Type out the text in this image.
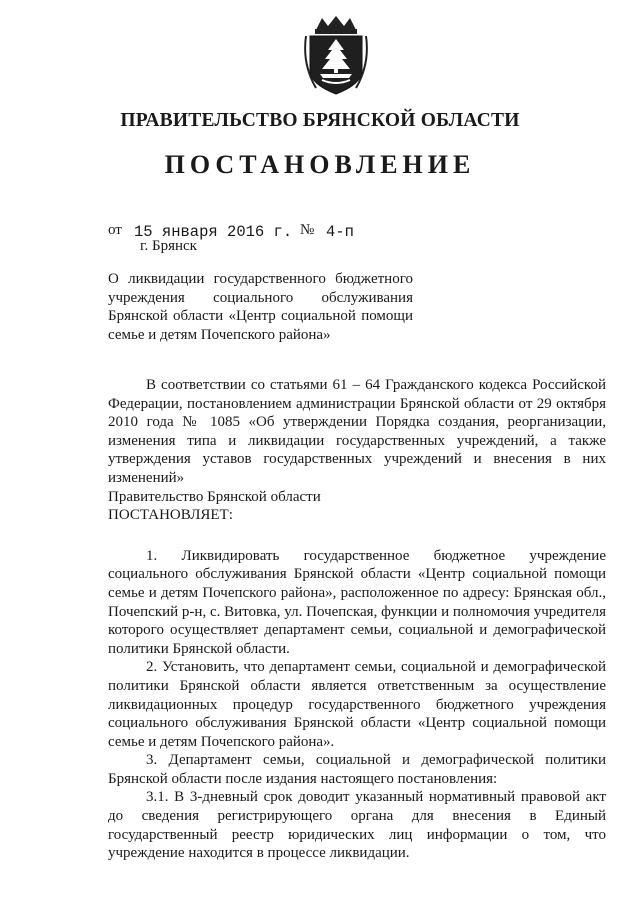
ПРАВИТЕЛЬСТВО БРЯНСКОЙ ОБЛАСТИ
ПОСТАНОВЛЕНИЕ
от 15 января 2016 г. № 4-п
г. Брянск
О ликвидации государственного бюджетного учреждения социального обслуживания Брянской области «Центр социальной помощи семье и детям Почепского района»

В соответствии со статьями 61 – 64 Гражданского кодекса Российской Федерации, постановлением администрации Брянской области от 29 октября 2010 года № 1085 «Об утверждении Порядка создания, реорганизации, изменения типа и ликвидации государственных учреждений, а также утверждения уставов государственных учреждений и внесения в них изменений»

Правительство Брянской области

ПОСТАНОВЛЯЕТ:

1. Ликвидировать государственное бюджетное учреждение социального обслуживания Брянской области «Центр социальной помощи семье и детям Почепского района», расположенное по адресу: Брянская обл., Почепский р-н, с. Витовка, ул. Почепская, функции и полномочия учредителя которого осуществляет департамент семьи, социальной и демографической политики Брянской области.

2. Установить, что департамент семьи, социальной и демографической политики Брянской области является ответственным за осуществление ликвидационных процедур государственного бюджетного учреждения социального обслуживания Брянской области «Центр социальной помощи семье и детям Почепского района».

3. Департамент семьи, социальной и демографической политики Брянской области после издания настоящего постановления:

3.1. В 3-дневный срок доводит указанный нормативный правовой акт до сведения регистрирующего органа для внесения в Единый государственный реестр юридических лиц информации о том, что учреждение находится в процессе ликвидации.
